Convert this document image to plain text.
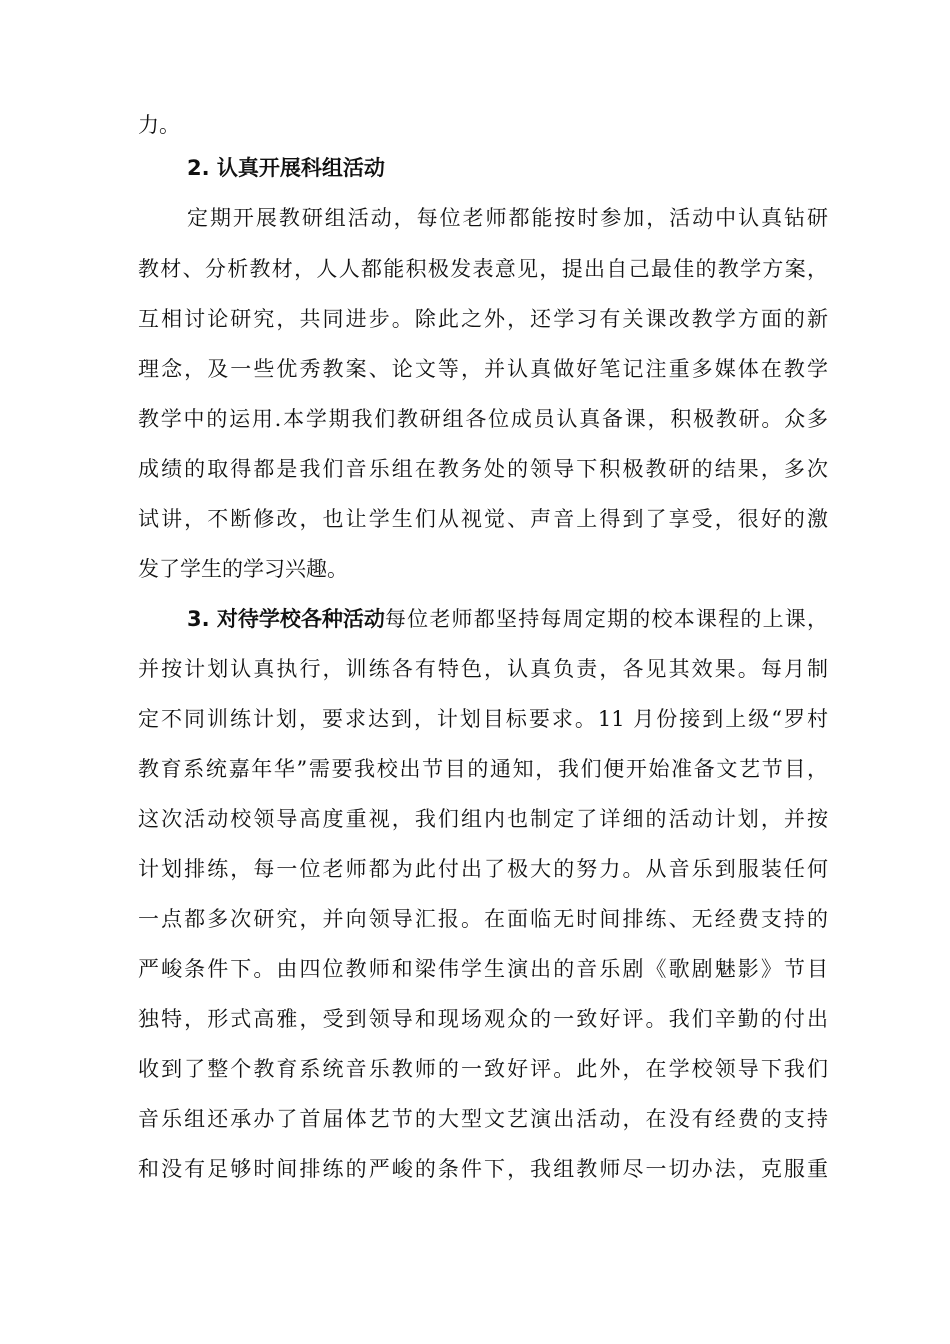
力。
2. 认真开展科组活动
定期开展教研组活动，每位老师都能按时参加，活动中认真钻研
教材、分析教材，人人都能积极发表意见，提出自己最佳的教学方案，
互相讨论研究，共同进步。除此之外，还学习有关课改教学方面的新
理念，及一些优秀教案、论文等，并认真做好笔记注重多媒体在教学
教学中的运用.本学期我们教研组各位成员认真备课，积极教研。众多
成绩的取得都是我们音乐组在教务处的领导下积极教研的结果，多次
试讲，不断修改，也让学生们从视觉、声音上得到了享受，很好的激
发了学生的学习兴趣。
3. 对待学校各种活动 每位老师都坚持每周定期的校本课程的上课，
并按计划认真执行，训练各有特色，认真负责，各见其效果。每月制
定不同训练计划，要求达到，计划目标要求。11 月份接到上级“罗村
教育系统嘉年华”需要我校出节目的通知，我们便开始准备文艺节目，
这次活动校领导高度重视，我们组内也制定了详细的活动计划，并按
计划排练，每一位老师都为此付出了极大的努力。从音乐到服装任何
一点都多次研究，并向领导汇报。在面临无时间排练、无经费支持的
严峻条件下。由四位教师和梁伟学生演出的音乐剧《歌剧魅影》节目
独特，形式高雅，受到领导和现场观众的一致好评。我们辛勤的付出
收到了整个教育系统音乐教师的一致好评。此外，在学校领导下我们
音乐组还承办了首届体艺节的大型文艺演出活动，在没有经费的支持
和没有足够时间排练的严峻的条件下，我组教师尽一切办法，克服重
